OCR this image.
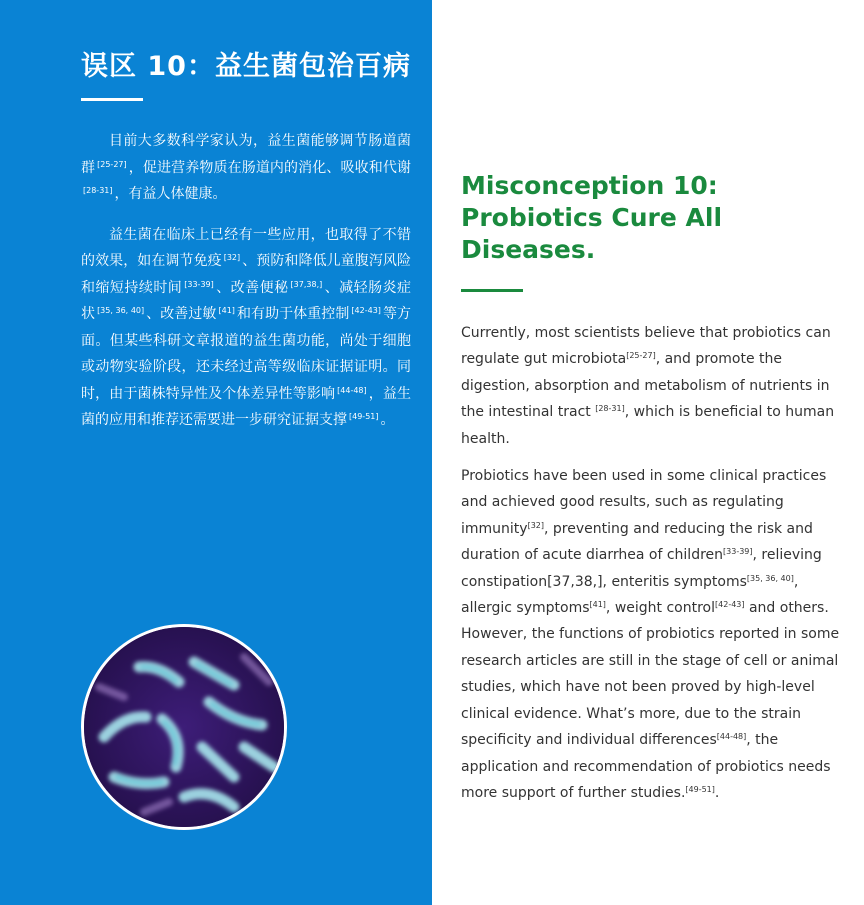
误区 10：益生菌包治百病

目前大多数科学家认为，益生菌能够调节肠道菌群 [25-27] ，促进营养物质在肠道内的消化、吸收和代谢[28-31] ，有益人体健康。

益生菌在临床上已经有一些应用，也取得了不错的效果，如在调节免疫 [32] 、预防和降低儿童腹泻风险和缩短持续时间 [33-39] 、改善便秘 [37,38,] 、减轻肠炎症状 [35, 36, 40] 、改善过敏 [41] 和有助于体重控制 [42-43] 等方面。但某些科研文章报道的益生菌功能，尚处于细胞或动物实验阶段，还未经过高等级临床证据证明。同时，由于菌株特异性及个体差异性等影响 [44-48] ，益生菌的应用和推荐还需要进一步研究证据支撑 [49-51] 。

Misconception 10: Probiotics Cure All Diseases.

Currently, most scientists believe that probiotics can regulate gut microbiota[25-27], and promote the digestion, absorption and metabolism of nutrients in the intestinal tract [28-31], which is beneficial to human health.

Probiotics have been used in some clinical practices and achieved good results, such as regulating immunity[32], preventing and reducing the risk and duration of acute diarrhea of children[33-39], relieving constipation[37,38,], enteritis symptoms[35, 36, 40], allergic symptoms[41], weight control[42-43] and others. However, the functions of probiotics reported in some research articles are still in the stage of cell or animal studies, which have not been proved by high-level clinical evidence. What’s more, due to the strain specificity and individual differences[44-48], the application and recommendation of probiotics needs more support of further studies.[49-51].
